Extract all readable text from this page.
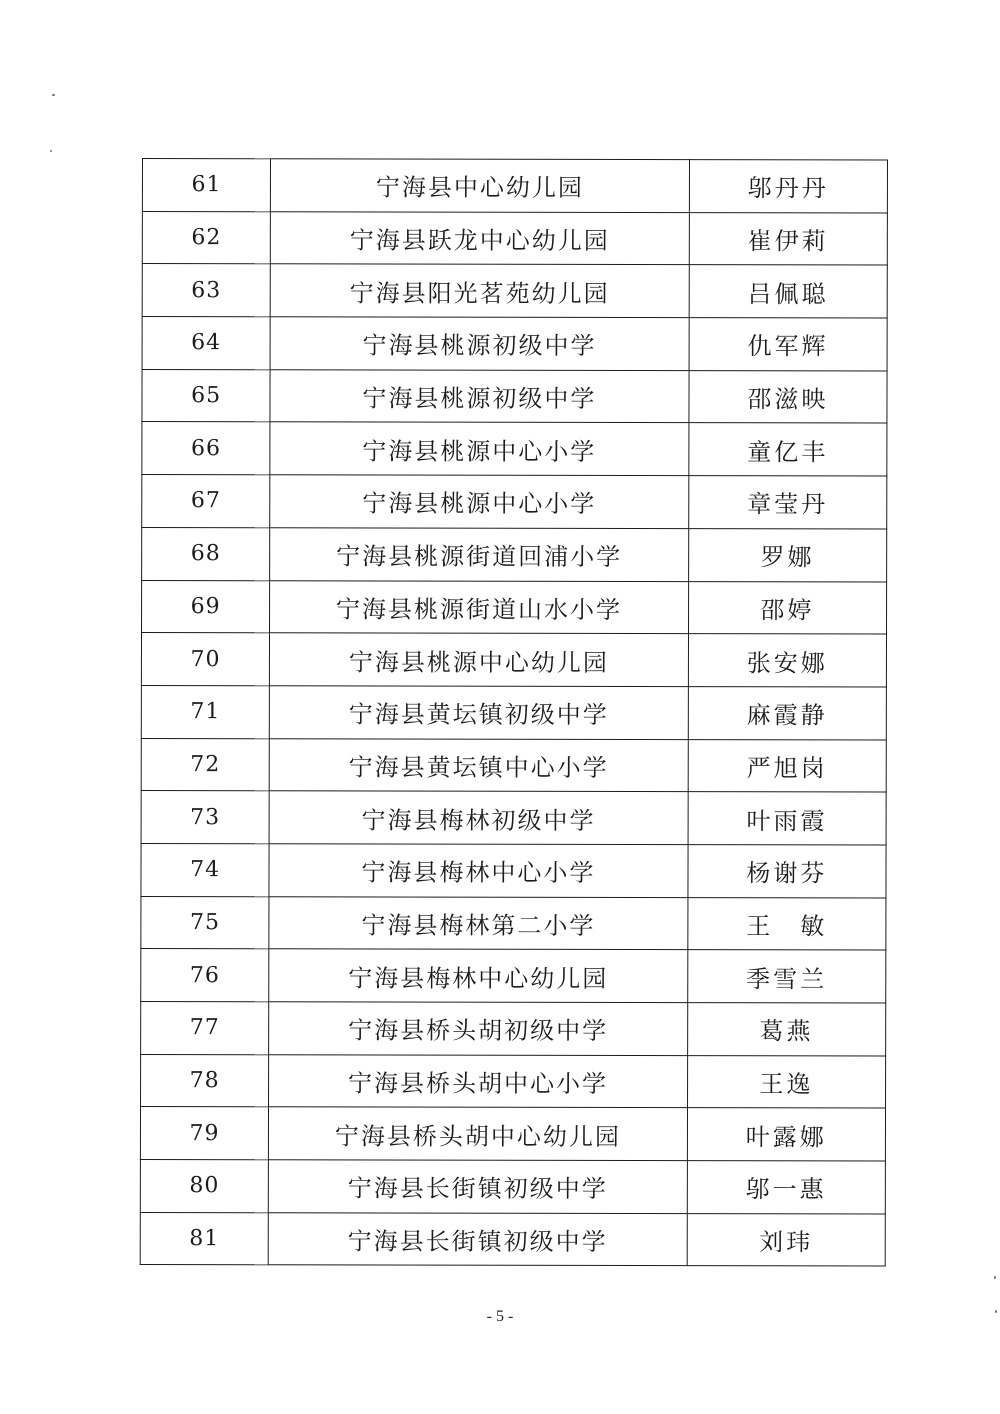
61	宁海县中心幼儿园	邬丹丹
62	宁海县跃龙中心幼儿园	崔伊莉
63	宁海县阳光茗苑幼儿园	吕佩聪
64	宁海县桃源初级中学	仇军辉
65	宁海县桃源初级中学	邵滋映
66	宁海县桃源中心小学	童亿丰
67	宁海县桃源中心小学	章莹丹
68	宁海县桃源街道回浦小学	罗娜
69	宁海县桃源街道山水小学	邵婷
70	宁海县桃源中心幼儿园	张安娜
71	宁海县黄坛镇初级中学	麻霞静
72	宁海县黄坛镇中心小学	严旭岗
73	宁海县梅林初级中学	叶雨霞
74	宁海县梅林中心小学	杨谢芬
75	宁海县梅林第二小学	王　敏
76	宁海县梅林中心幼儿园	季雪兰
77	宁海县桥头胡初级中学	葛燕
78	宁海县桥头胡中心小学	王逸
79	宁海县桥头胡中心幼儿园	叶露娜
80	宁海县长街镇初级中学	邬一惠
81	宁海县长街镇初级中学	刘玮
- 5 -
